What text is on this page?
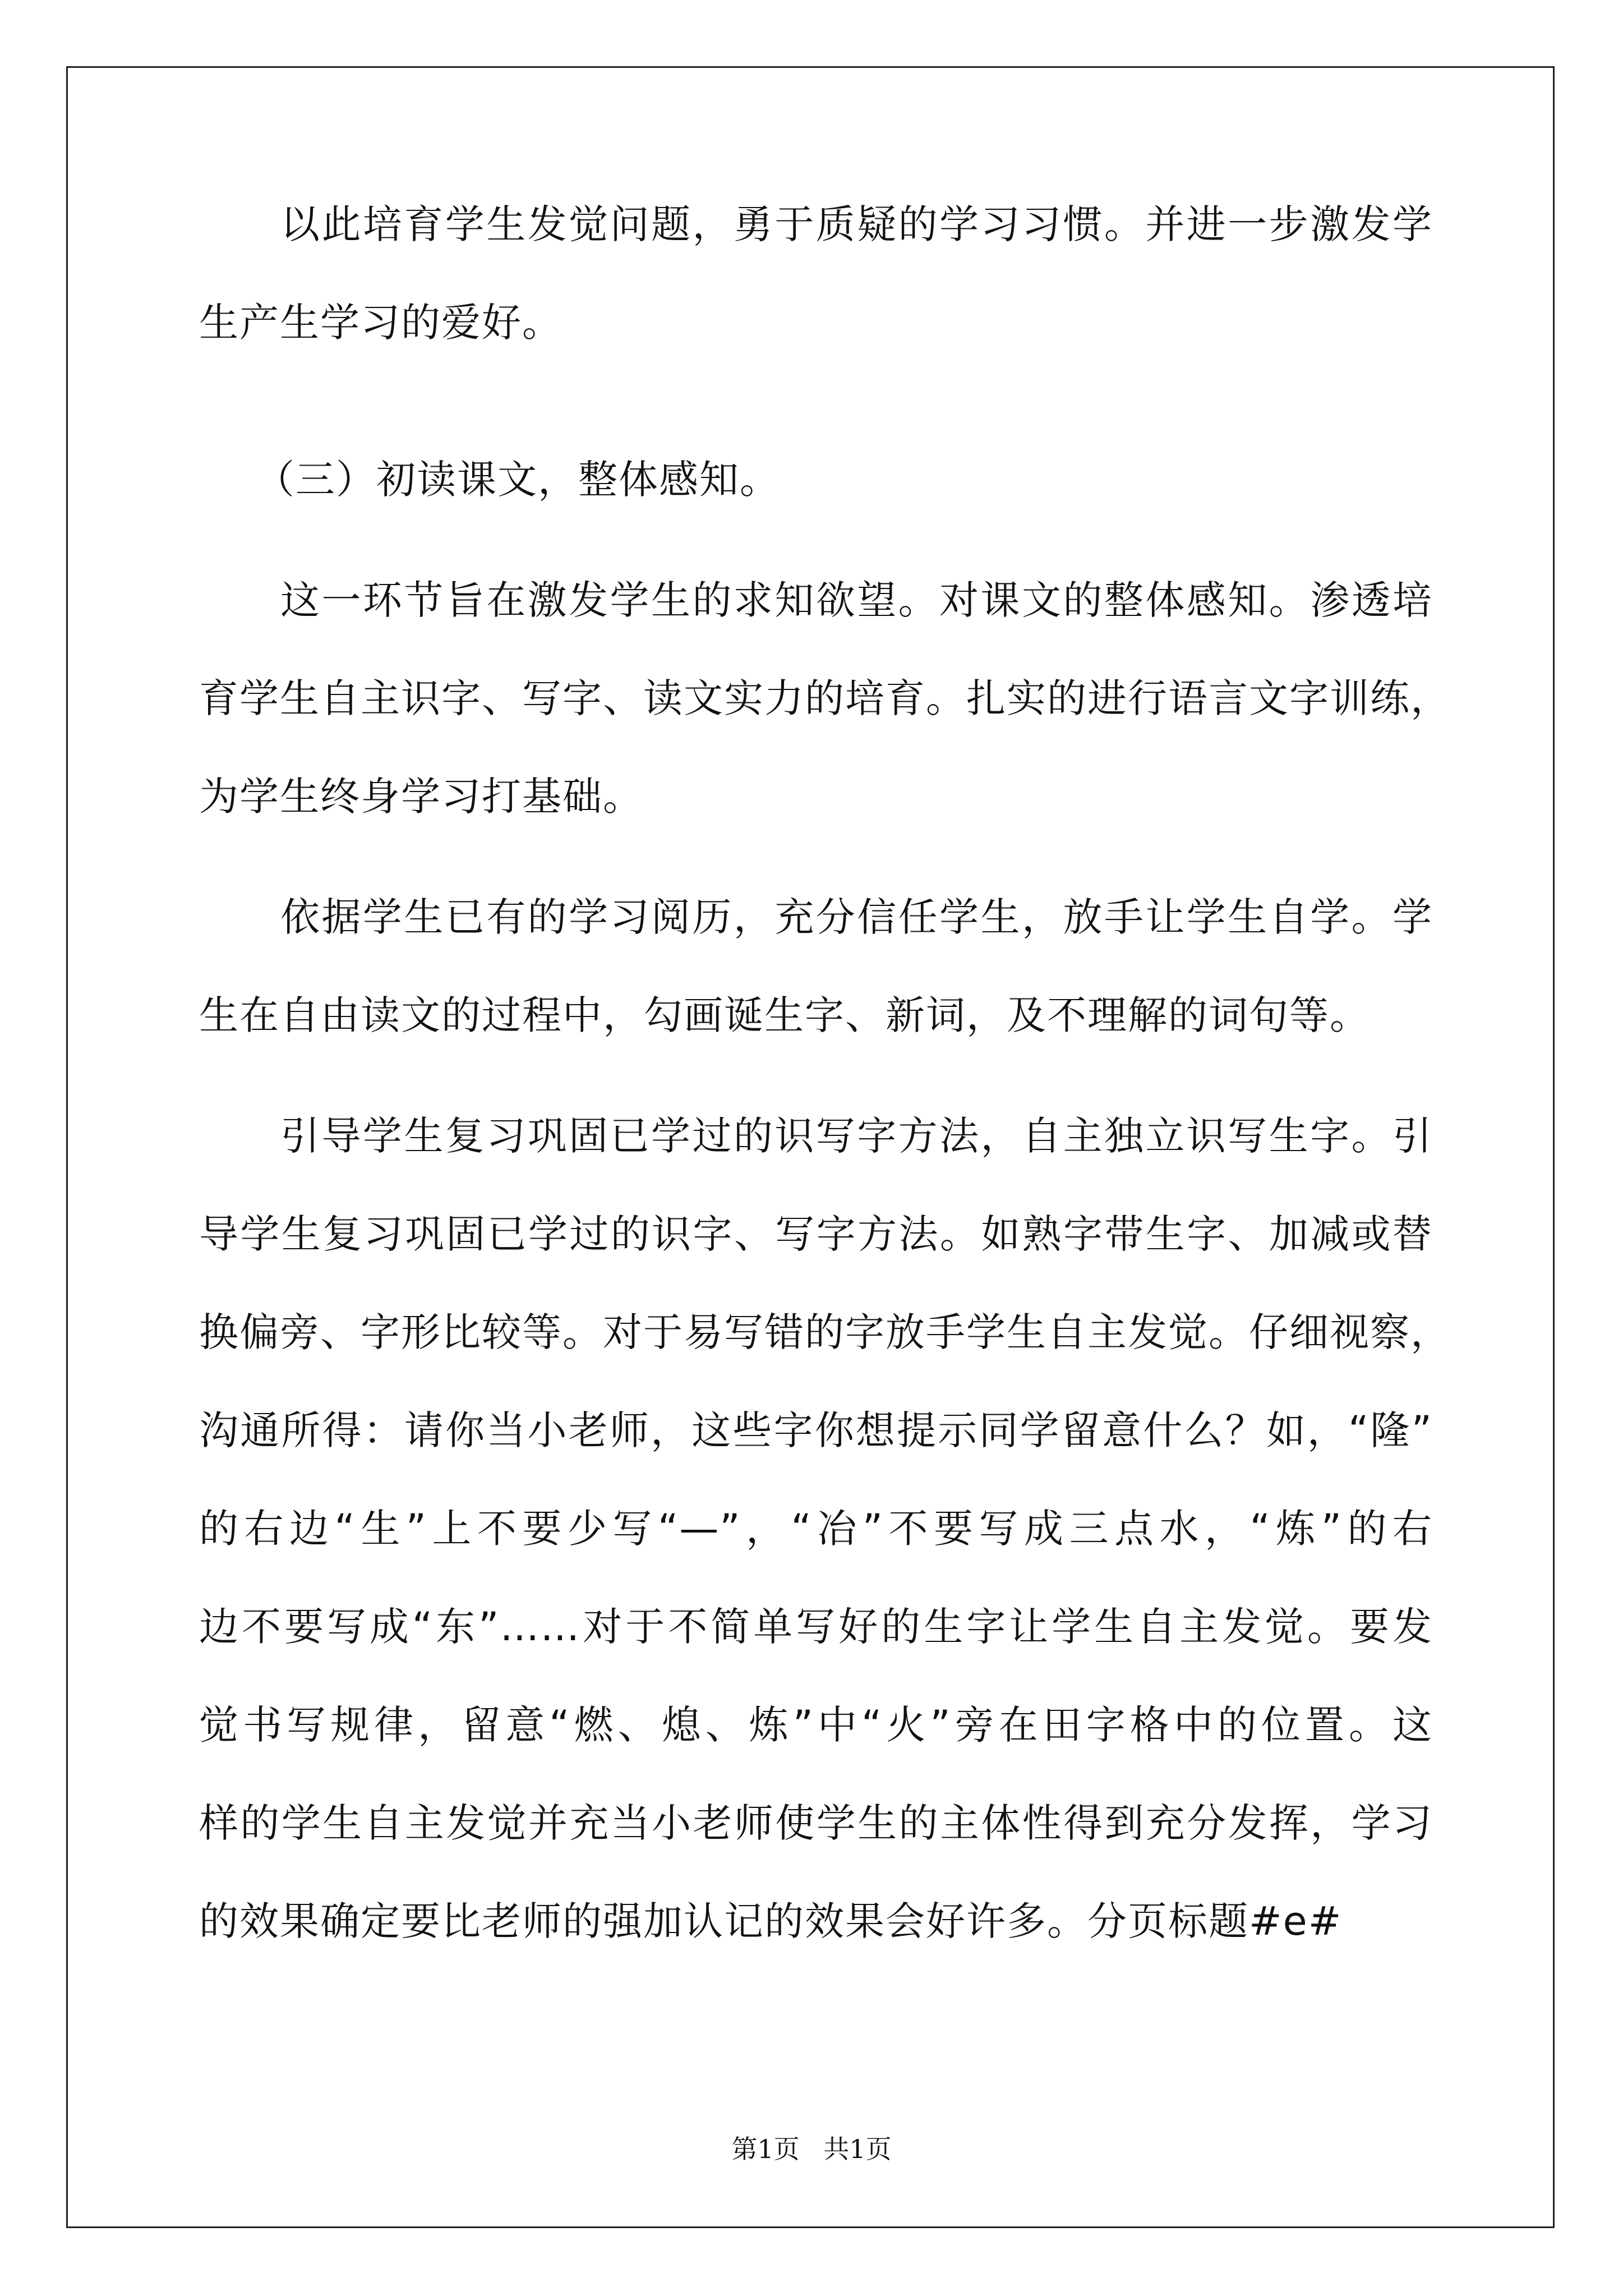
以此培育学生发觉问题，勇于质疑的学习习惯。并进一步激发学
生产生学习的爱好。
（三）初读课文，整体感知。
这一环节旨在激发学生的求知欲望。对课文的整体感知。渗透培
育学生自主识字、写字、读文实力的培育。扎实的进行语言文字训练，
为学生终身学习打基础。
依据学生已有的学习阅历，充分信任学生，放手让学生自学。学
生在自由读文的过程中，勾画诞生字、新词，及不理解的词句等。
引导学生复习巩固已学过的识写字方法，自主独立识写生字。引
导学生复习巩固已学过的识字、写字方法。如熟字带生字、加减或替
换偏旁、字形比较等。对于易写错的字放手学生自主发觉。仔细视察，
沟通所得：请你当小老师，这些字你想提示同学留意什么？如，“隆”
的右边“生”上不要少写“—”，“冶”不要写成三点水，“炼”的右
边不要写成“东”……对于不简单写好的生字让学生自主发觉。要发
觉书写规律，留意“燃、熄、炼”中“火”旁在田字格中的位置。这
样的学生自主发觉并充当小老师使学生的主体性得到充分发挥，学习
的效果确定要比老师的强加认记的效果会好许多。分页标题#e#
第1页 共1页
